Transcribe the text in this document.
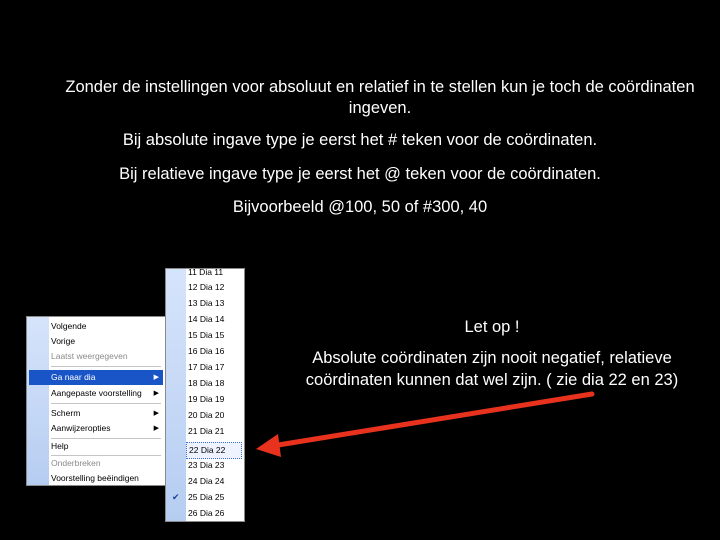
Zonder de instellingen voor absoluut en relatief in te stellen kun je toch de coördinaten ingeven.
Bij absolute ingave type je eerst het # teken voor de coördinaten.
Bij relatieve ingave type je eerst het @ teken voor de coördinaten.
Bijvoorbeeld @100, 50 of #300, 40
Let op !
Absolute coördinaten zijn nooit negatief, relatieve coördinaten kunnen dat wel zijn. ( zie dia 22 en 23)
Volgende
Vorige
Laatst weergegeven
Ga naar dia	▶
Aangepaste voorstelling ▶
Scherm	▶
Aanwijzeropties	▶
Help
Onderbreken
Voorstelling beëindigen
11 Dia 11
12 Dia 12
13 Dia 13
14 Dia 14
15 Dia 15
16 Dia 16
17 Dia 17
18 Dia 18
19 Dia 19
20 Dia 20
21 Dia 21
22 Dia 22
23 Dia 23
24 Dia 24
✔ 25 Dia 25
26 Dia 26
